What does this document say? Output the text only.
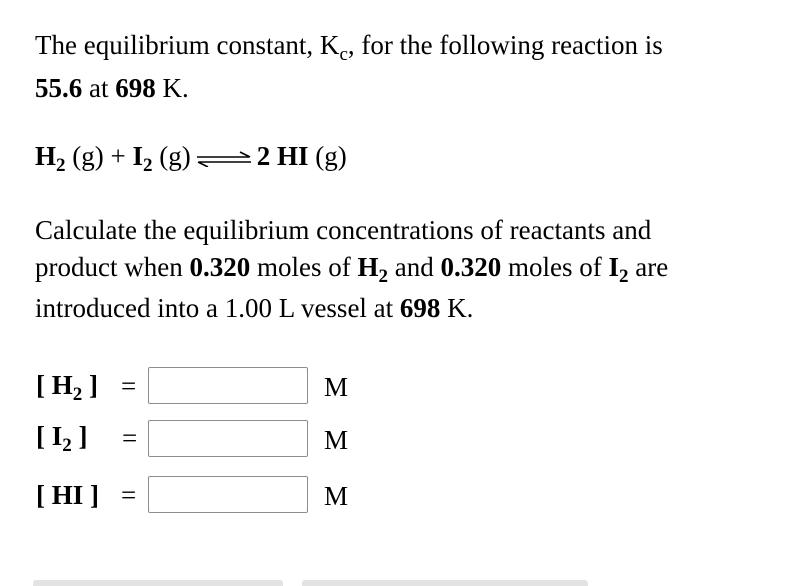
The equilibrium constant, $K_c$, for the following reaction is
55.6 at 698 K.
$H_2$ $(g) + I_2$ (g) ⇌ 2 HI (g)
Calculate the equilibrium concentrations of reactants and
product when 0.320 moles of $H_2$ and 0.320 moles of $I_2$ are
introduced into a 1.00 L vessel at 698 K.
[ $H_2$ ] =	M
[ $I_2$ ] =	M
[ HI ] =	M
